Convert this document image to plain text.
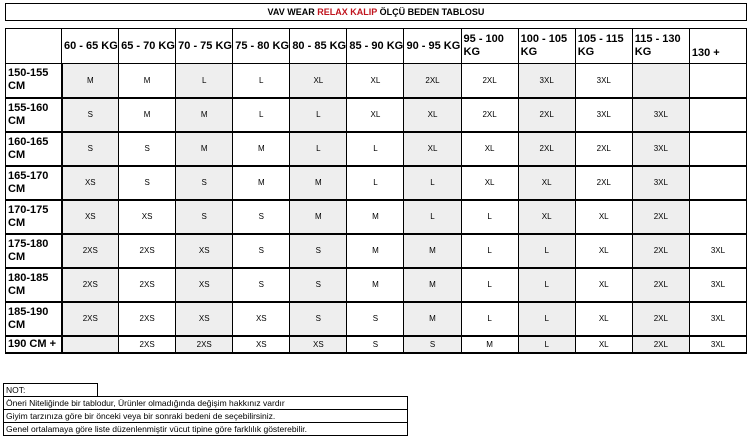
VAV WEAR RELAX KALIP ÖLÇÜ BEDEN TABLOSU
	60 - 65 KG	65 - 70 KG	70 - 75 KG	75 - 80 KG	80 - 85 KG	85 - 90 KG	90 - 95 KG	95 - 100 KG	100 - 105 KG	105 - 115 KG	115 - 130 KG	130 +
150-155 CM	M	M	L	L	XL	XL	2XL	2XL	3XL	3XL		
155-160 CM	S	M	M	L	L	XL	XL	2XL	2XL	3XL	3XL	
160-165 CM	S	S	M	M	L	L	XL	XL	2XL	2XL	3XL	
165-170 CM	XS	S	S	M	M	L	L	XL	XL	2XL	3XL	
170-175 CM	XS	XS	S	S	M	M	L	L	XL	XL	2XL	
175-180 CM	2XS	2XS	XS	S	S	M	M	L	L	XL	2XL	3XL
180-185 CM	2XS	2XS	XS	S	S	M	M	L	L	XL	2XL	3XL
185-190 CM	2XS	2XS	XS	XS	S	S	M	L	L	XL	2XL	3XL
190 CM +		2XS	2XS	XS	XS	S	S	M	L	XL	2XL	3XL
NOT:
Öneri Niteliğinde bir tablodur, Ürünler olmadığında değişim hakkınız vardır
Giyim tarzınıza göre bir önceki veya bir sonraki bedeni de seçebilirsiniz.
Genel ortalamaya göre liste düzenlenmiştir vücut tipine göre farklılık gösterebilir.
